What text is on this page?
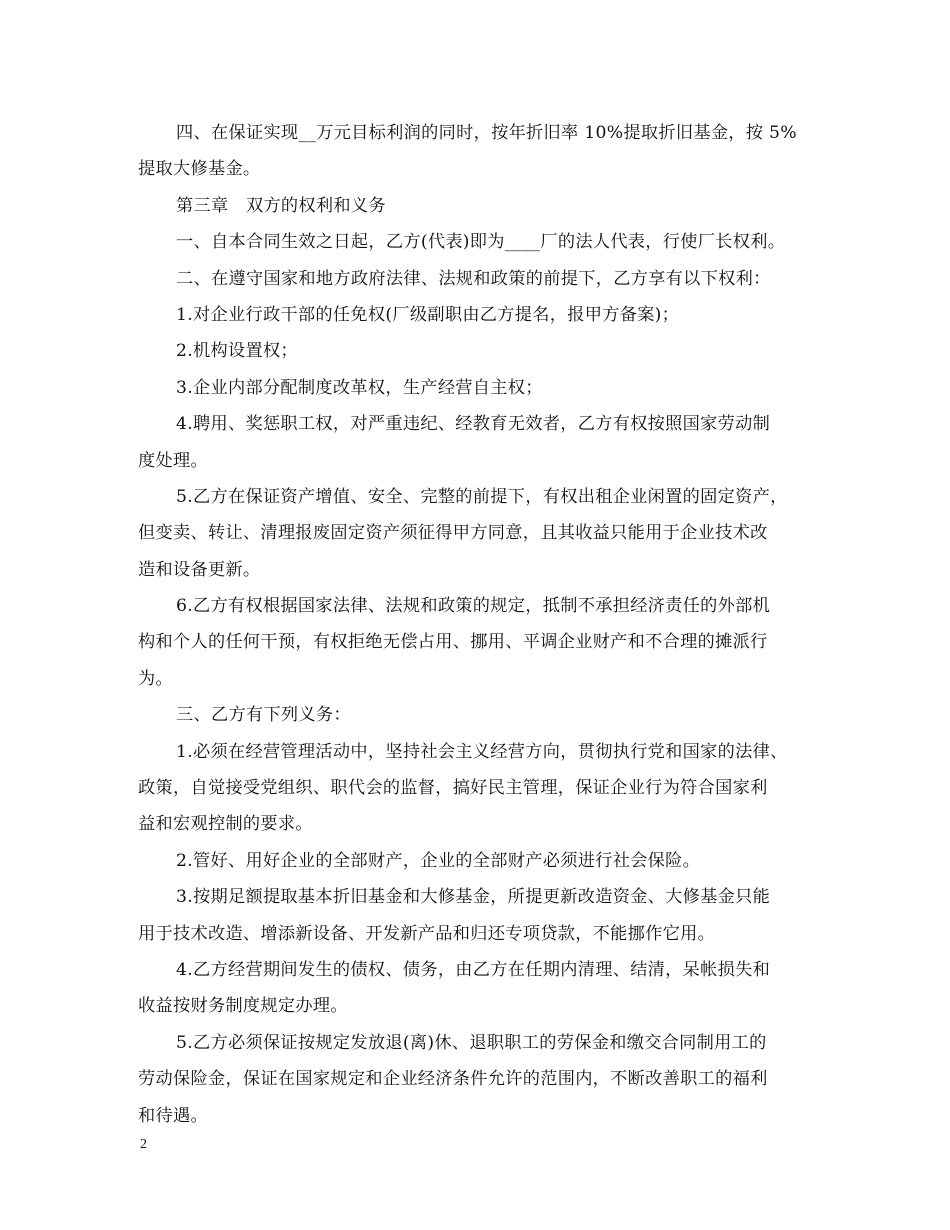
四、在保证实现__万元目标利润的同时，按年折旧率 10%提取折旧基金，按 5%
提取大修基金。
第三章　双方的权利和义务
一、自本合同生效之日起，乙方(代表)即为____厂的法人代表，行使厂长权利。
二、在遵守国家和地方政府法律、法规和政策的前提下，乙方享有以下权利：
1.对企业行政干部的任免权(厂级副职由乙方提名，报甲方备案)；
2.机构设置权；
3.企业内部分配制度改革权，生产经营自主权；
4.聘用、奖惩职工权，对严重违纪、经教育无效者，乙方有权按照国家劳动制
度处理。
5.乙方在保证资产增值、安全、完整的前提下，有权出租企业闲置的固定资产，
但变卖、转让、清理报废固定资产须征得甲方同意，且其收益只能用于企业技术改
造和设备更新。
6.乙方有权根据国家法律、法规和政策的规定，抵制不承担经济责任的外部机
构和个人的任何干预，有权拒绝无偿占用、挪用、平调企业财产和不合理的摊派行
为。
三、乙方有下列义务：
1.必须在经营管理活动中，坚持社会主义经营方向，贯彻执行党和国家的法律、
政策，自觉接受党组织、职代会的监督，搞好民主管理，保证企业行为符合国家利
益和宏观控制的要求。
2.管好、用好企业的全部财产，企业的全部财产必须进行社会保险。
3.按期足额提取基本折旧基金和大修基金，所提更新改造资金、大修基金只能
用于技术改造、增添新设备、开发新产品和归还专项贷款，不能挪作它用。
4.乙方经营期间发生的债权、债务，由乙方在任期内清理、结清，呆帐损失和
收益按财务制度规定办理。
5.乙方必须保证按规定发放退(离)休、退职职工的劳保金和缴交合同制用工的
劳动保险金，保证在国家规定和企业经济条件允许的范围内，不断改善职工的福利
和待遇。
2
